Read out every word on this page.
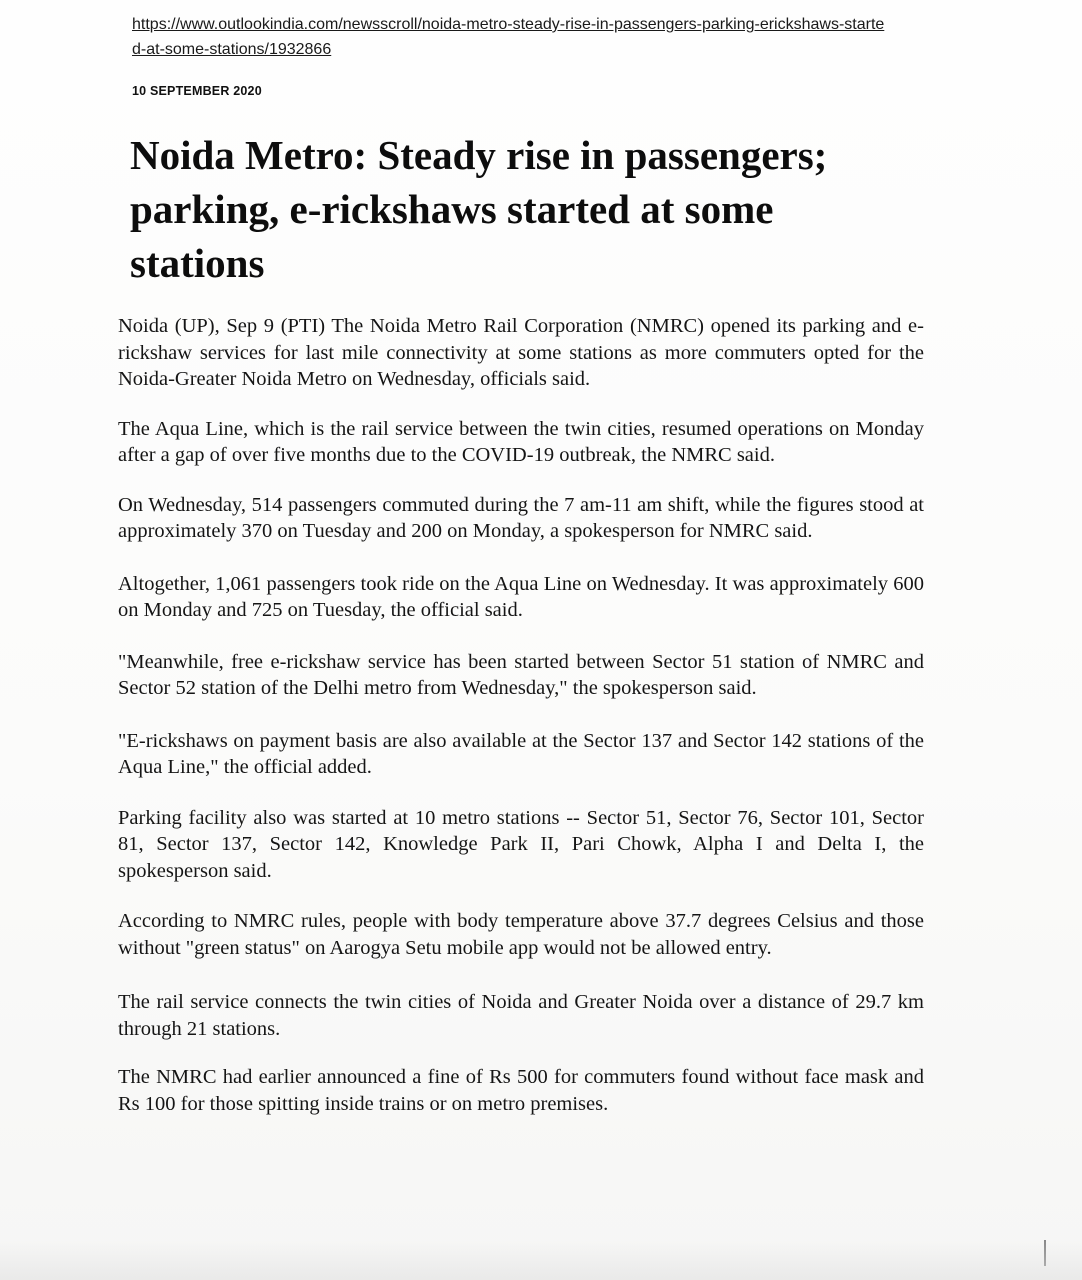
https://www.outlookindia.com/newsscroll/noida-metro-steady-rise-in-passengers-parking-erickshaws-started-at-some-stations/1932866
10 SEPTEMBER 2020
Noida Metro: Steady rise in passengers; parking, e-rickshaws started at some stations

Noida (UP), Sep 9 (PTI) The Noida Metro Rail Corporation (NMRC) opened its parking and e-rickshaw services for last mile connectivity at some stations as more commuters opted for the Noida-Greater Noida Metro on Wednesday, officials said.

The Aqua Line, which is the rail service between the twin cities, resumed operations on Monday after a gap of over five months due to the COVID-19 outbreak, the NMRC said.

On Wednesday, 514 passengers commuted during the 7 am-11 am shift, while the figures stood at approximately 370 on Tuesday and 200 on Monday, a spokesperson for NMRC said.

Altogether, 1,061 passengers took ride on the Aqua Line on Wednesday. It was approximately 600 on Monday and 725 on Tuesday, the official said.

"Meanwhile, free e-rickshaw service has been started between Sector 51 station of NMRC and Sector 52 station of the Delhi metro from Wednesday," the spokesperson said.

"E-rickshaws on payment basis are also available at the Sector 137 and Sector 142 stations of the Aqua Line," the official added.

Parking facility also was started at 10 metro stations -- Sector 51, Sector 76, Sector 101, Sector 81, Sector 137, Sector 142, Knowledge Park II, Pari Chowk, Alpha I and Delta I, the spokesperson said.

According to NMRC rules, people with body temperature above 37.7 degrees Celsius and those without "green status" on Aarogya Setu mobile app would not be allowed entry.

The rail service connects the twin cities of Noida and Greater Noida over a distance of 29.7 km through 21 stations.

The NMRC had earlier announced a fine of Rs 500 for commuters found without face mask and Rs 100 for those spitting inside trains or on metro premises.
